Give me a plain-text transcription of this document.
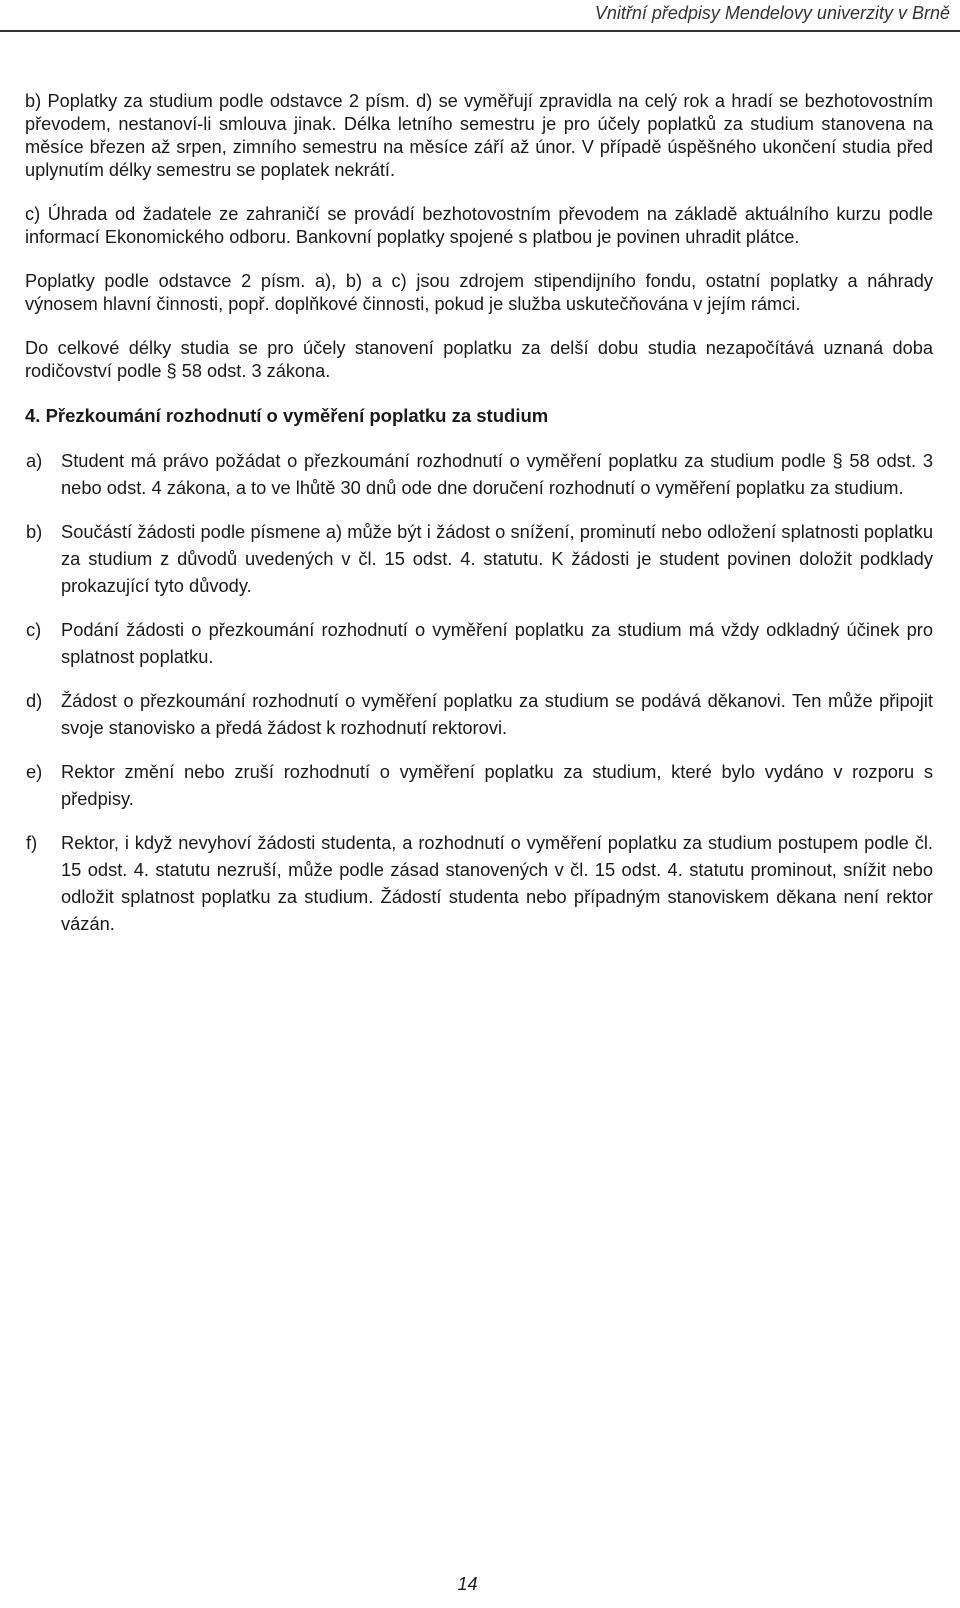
Vnitřní předpisy Mendelovy univerzity v Brně

b) Poplatky za studium podle odstavce 2 písm. d) se vyměřují zpravidla na celý rok a hradí se bezhotovostním převodem, nestanoví-li smlouva jinak. Délka letního semestru je pro účely poplatků za studium stanovena na měsíce březen až srpen, zimního semestru na měsíce září až únor. V případě úspěšného ukončení studia před uplynutím délky semestru se poplatek nekrátí.

c) Úhrada od žadatele ze zahraničí se provádí bezhotovostním převodem na základě aktuálního kurzu podle informací Ekonomického odboru. Bankovní poplatky spojené s platbou je povinen uhradit plátce.

Poplatky podle odstavce 2 písm. a), b) a c) jsou zdrojem stipendijního fondu, ostatní poplatky a náhrady výnosem hlavní činnosti, popř. doplňkové činnosti, pokud je služba uskutečňována v jejím rámci.

Do celkové délky studia se pro účely stanovení poplatku za delší dobu studia nezapočítává uznaná doba rodičovství podle § 58 odst. 3 zákona.

4. Přezkoumání rozhodnutí o vyměření poplatku za studium
a)	Student má právo požádat o přezkoumání rozhodnutí o vyměření poplatku za studium podle § 58 odst. 3 nebo odst. 4 zákona, a to ve lhůtě 30 dnů ode dne doručení rozhodnutí o vyměření poplatku za studium.
b)	Součástí žádosti podle písmene a) může být i žádost o snížení, prominutí nebo odložení splatnosti poplatku za studium z důvodů uvedených v čl. 15 odst. 4. statutu. K žádosti je student povinen doložit podklady prokazující tyto důvody.
c)	Podání žádosti o přezkoumání rozhodnutí o vyměření poplatku za studium má vždy odkladný účinek pro splatnost poplatku.
d)	Žádost o přezkoumání rozhodnutí o vyměření poplatku za studium se podává děkanovi. Ten může připojit svoje stanovisko a předá žádost k rozhodnutí rektorovi.
e)	Rektor změní nebo zruší rozhodnutí o vyměření poplatku za studium, které bylo vydáno v rozporu s předpisy.
f)	Rektor, i když nevyhoví žádosti studenta, a rozhodnutí o vyměření poplatku za studium postupem podle čl. 15 odst. 4. statutu nezruší, může podle zásad stanovených v čl. 15 odst. 4. statutu prominout, snížit nebo odložit splatnost poplatku za studium. Žádostí studenta nebo případným stanoviskem děkana není rektor vázán.
14
